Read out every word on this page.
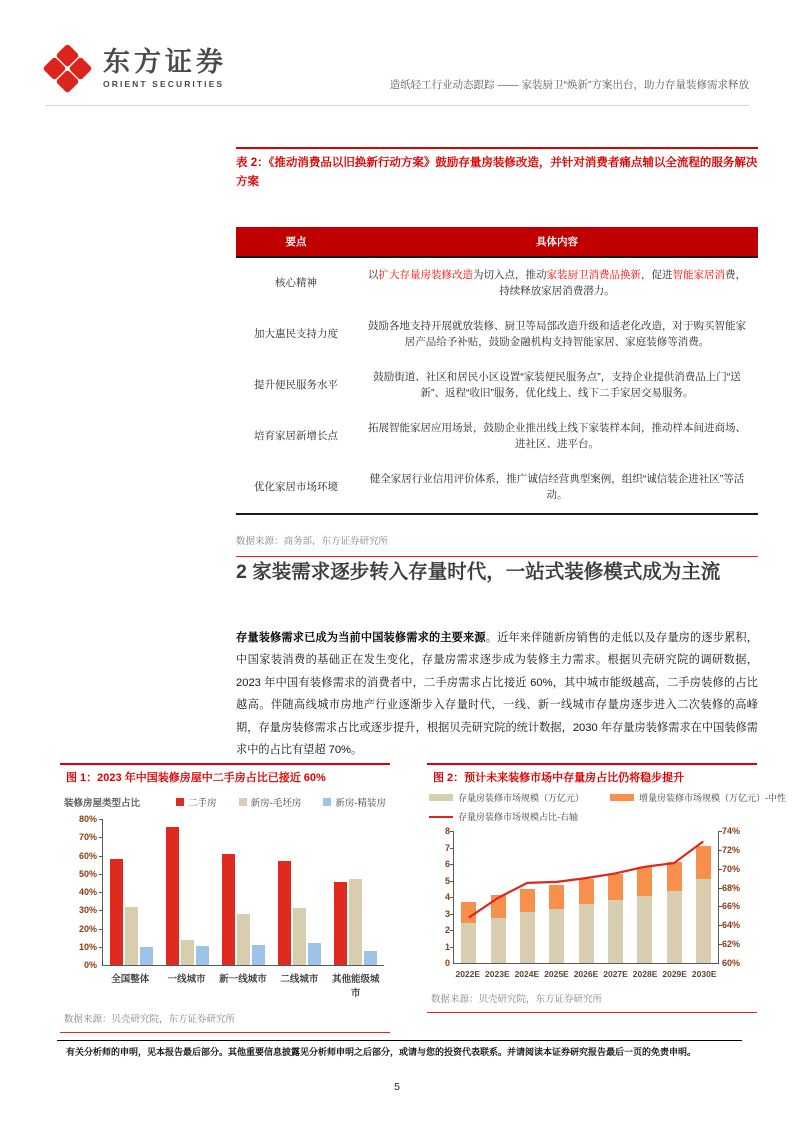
东方证券
ORIENT SECURITIES	造纸轻工行业动态跟踪 —— 家装厨卫“焕新”方案出台，助力存量装修需求释放
表 2：《推动消费品以旧换新行动方案》鼓励存量房装修改造，并针对消费者痛点辅以全流程的服务解决方案
要点	具体内容
核心精神	以扩大存量房装修改造为切入点，推动家装厨卫消费品换新，促进智能家居消费，持续释放家居消费潜力。
加大惠民支持力度	鼓励各地支持开展就放装修、厨卫等局部改造升级和适老化改造，对于购买智能家居产品给予补贴，鼓励金融机构支持智能家居、家庭装修等消费。
提升便民服务水平	鼓励街道、社区和居民小区设置“家装便民服务点”，支持企业提供消费品上门“送新”、返程“收旧”服务，优化线上、线下二手家居交易服务。
培育家居新增长点	拓展智能家居应用场景，鼓励企业推出线上线下家装样本间，推动样本间进商场、进社区、进平台。
优化家居市场环境	健全家居行业信用评价体系，推广诚信经营典型案例，组织“诚信装企进社区”等活动。
数据来源：商务部，东方证券研究所
2 家装需求逐步转入存量时代，一站式装修模式成为主流

存量装修需求已成为当前中国装修需求的主要来源。近年来伴随新房销售的走低以及存量房的逐步累积，中国家装消费的基础正在发生变化，存量房需求逐步成为装修主力需求。根据贝壳研究院的调研数据，2023 年中国有装修需求的消费者中，二手房需求占比接近 60%，其中城市能级越高，二手房装修的占比越高。伴随高线城市房地产行业逐渐步入存量时代，一线、新一线城市存量房逐步进入二次装修的高峰期，存量房装修需求占比或逐步提升，根据贝壳研究院的统计数据，2030 年存量房装修需求在中国装修需求中的占比有望超 70%。

图 1：2023 年中国装修房屋中二手房占比已接近 60%
装修房屋类型占比	二手房	新房-毛坯房	新房-精装房
0%
10%
20%
30%
40%
50%
60%
70%
80%
全国整体	一线城市	新一线城市	二线城市	其他能级城市
数据来源：贝壳研究院，东方证券研究所
图 2：预计未来装修市场中存量房占比仍将稳步提升
存量房装修市场规模（万亿元）	增量房装修市场规模（万亿元）-中性
存量房装修市场规模占比-右轴
0
1
2
3
4
5
6
7
8
60%
62%
64%
66%
68%
70%
72%
74%
2022E 2023E 2024E 2025E 2026E 2027E 2028E 2029E 2030E
数据来源：贝壳研究院，东方证券研究所
有关分析师的申明，见本报告最后部分。其他重要信息披露见分析师申明之后部分，或请与您的投资代表联系。并请阅读本证券研究报告最后一页的免责申明。
5
